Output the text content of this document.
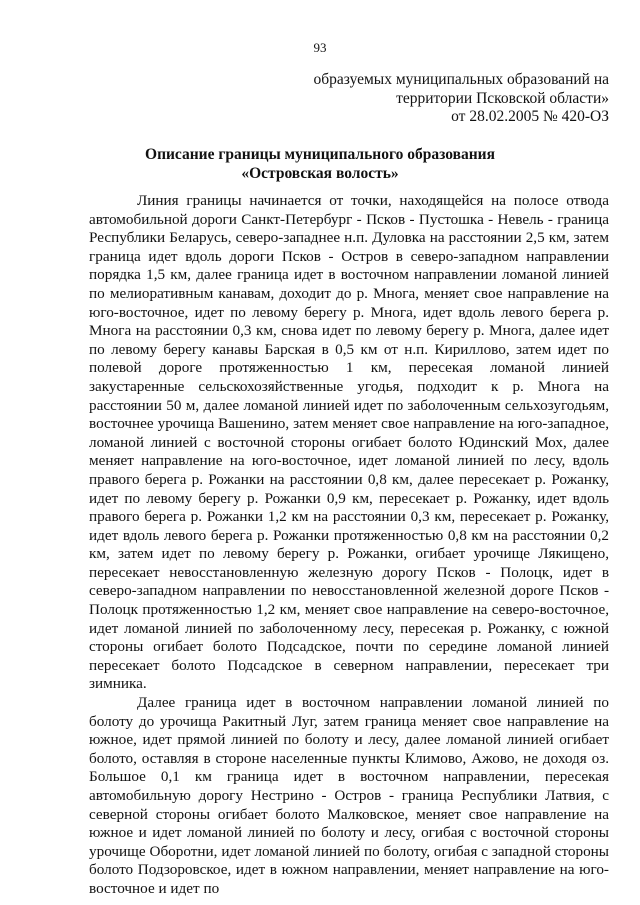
93
образуемых муниципальных образований на
территории Псковской области»
от 28.02.2005 № 420-ОЗ
Описание границы муниципального образования
«Островская волость»

Линия границы начинается от точки, находящейся на полосе отвода автомобильной дороги Санкт-Петербург - Псков - Пустошка - Невель - граница Республики Беларусь, северо-западнее н.п. Дуловка на расстоянии 2,5 км, затем граница идет вдоль дороги Псков - Остров в северо-западном направлении порядка 1,5 км, далее граница идет в восточном направлении ломаной линией по мелиоративным канавам, доходит до р. Многа, меняет свое направление на юго-восточное, идет по левому берегу р. Многа, идет вдоль левого берега р. Многа на расстоянии 0,3 км, снова идет по левому берегу р. Многа, далее идет по левому берегу канавы Барская в 0,5 км от н.п. Кириллово, затем идет по полевой дороге протяженностью 1 км, пересекая ломаной линией закустаренные сельскохозяйственные угодья, подходит к р. Многа на расстоянии 50 м, далее ломаной линией идет по заболоченным сельхозугодьям, восточнее урочища Вашенино, затем меняет свое направление на юго-западное, ломаной линией с восточной стороны огибает болото Юдинский Мох, далее меняет направление на юго-восточное, идет ломаной линией по лесу, вдоль правого берега р. Рожанки на расстоянии 0,8 км, далее пересекает р. Рожанку, идет по левому берегу р. Рожанки 0,9 км, пересекает р. Рожанку, идет вдоль правого берега р. Рожанки 1,2 км на расстоянии 0,3 км, пересекает р. Рожанку, идет вдоль левого берега р. Рожанки протяженностью 0,8 км на расстоянии 0,2 км, затем идет по левому берегу р. Рожанки, огибает урочище Лякищено, пересекает невосстановленную железную дорогу Псков - Полоцк, идет в северо-западном направлении по невосстановленной железной дороге Псков - Полоцк протяженностью 1,2 км, меняет свое направление на северо-восточное, идет ломаной линией по заболоченному лесу, пересекая р. Рожанку, с южной стороны огибает болото Подсадское, почти по середине ломаной линией пересекает болото Подсадское в северном направлении, пересекает три зимника.

Далее граница идет в восточном направлении ломаной линией по болоту до урочища Ракитный Луг, затем граница меняет свое направление на южное, идет прямой линией по болоту и лесу, далее ломаной линией огибает болото, оставляя в стороне населенные пункты Климово, Ажово, не доходя оз. Большое 0,1 км граница идет в восточном направлении, пересекая автомобильную дорогу Нестрино - Остров - граница Республики Латвия, с северной стороны огибает болото Малковское, меняет свое направление на южное и идет ломаной линией по болоту и лесу, огибая с восточной стороны урочище Оборотни, идет ломаной линией по болоту, огибая с западной стороны болото Подзоровское, идет в южном направлении, меняет направление на юго-восточное и идет по
